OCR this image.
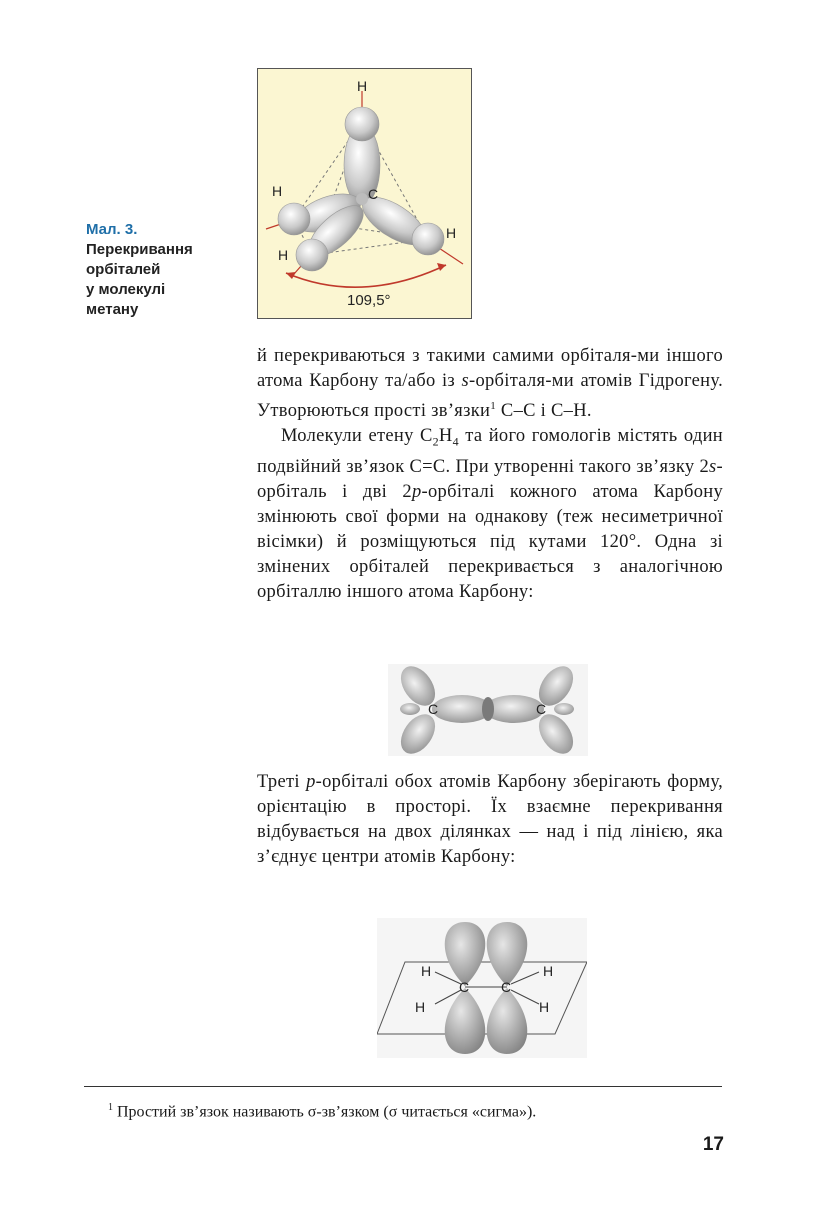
Мал. 3.
Перекривання
орбіталей
у молекулі
метану
H
H	C
H
H
109,5°

й перекриваються з такими самими орбіталя-ми іншого атома Карбону та/або із s-орбіталя-ми атомів Гідрогену. Утворюються прості зв’язки$^1$ C–C і C–H.

Молекули етену $C_2H_4$ та його гомологів містять один подвійний зв’язок C=C. При утворенні такого зв’язку 2s-орбіталь і дві 2p-орбіталі кожного атома Карбону змінюють свої форми на однакову (теж несиметричної вісімки) й розміщуються під кутами 120°. Одна зі змінених орбіталей перекривається з аналогічною орбіталлю іншого атома Карбону:

C	C

Треті p-орбіталі обох атомів Карбону зберігають форму, орієнтацію в просторі. Їх взаємне перекривання відбувається на двох ділянках — над і під лінією, яка з’єднує центри атомів Карбону:

C C
H
H
H
H
$^1$ Простий зв’язок називають σ-зв’язком (σ читається «сигма»).
17
